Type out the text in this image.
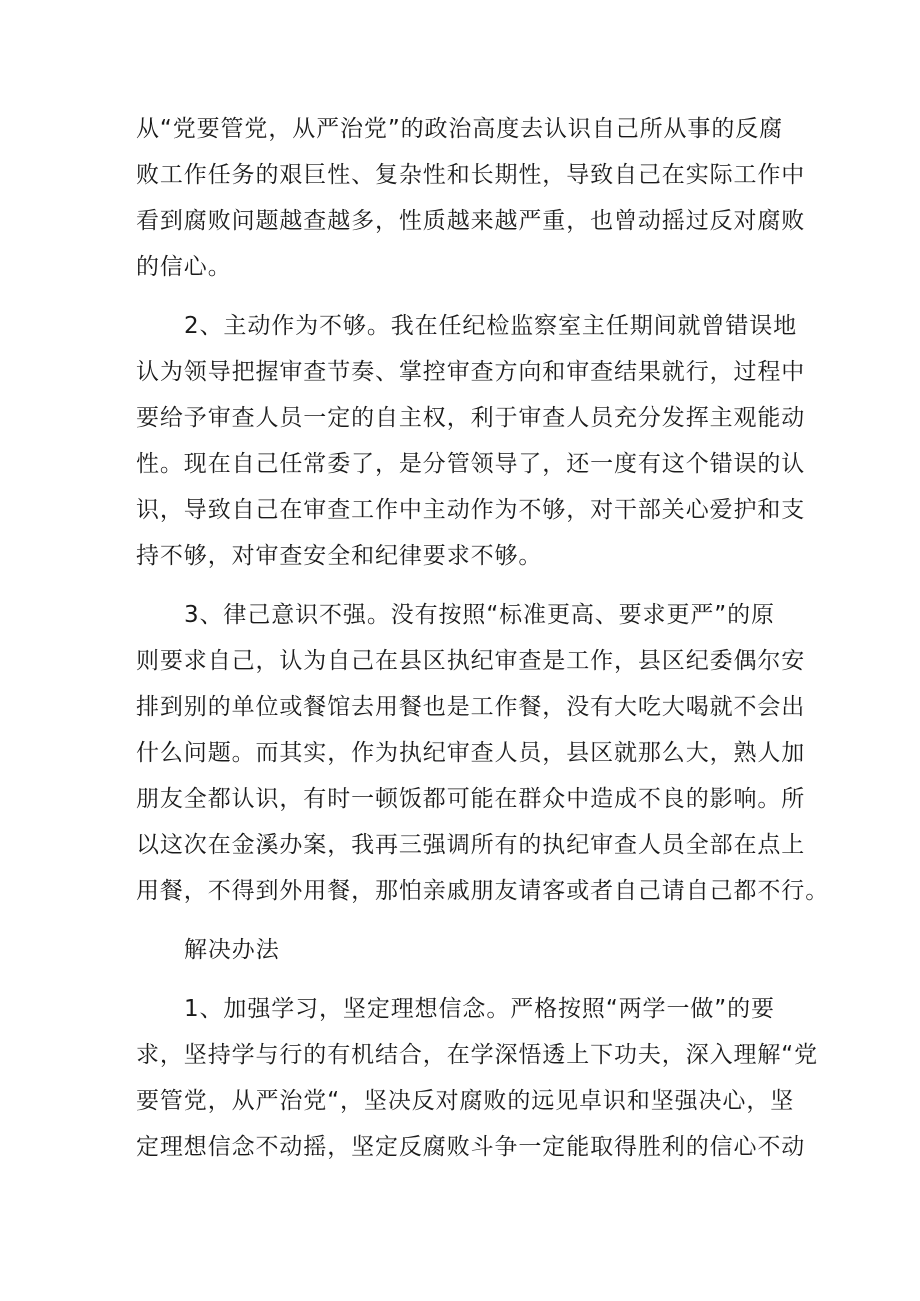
从“党要管党，从严治党”的政治高度去认识自己所从事的反腐
败工作任务的艰巨性、复杂性和长期性，导致自己在实际工作中
看到腐败问题越查越多，性质越来越严重，也曾动摇过反对腐败
的信心。
2、主动作为不够。我在任纪检监察室主任期间就曾错误地
认为领导把握审查节奏、掌控审查方向和审查结果就行，过程中
要给予审查人员一定的自主权，利于审查人员充分发挥主观能动
性。现在自己任常委了，是分管领导了，还一度有这个错误的认
识，导致自己在审查工作中主动作为不够，对干部关心爱护和支
持不够，对审查安全和纪律要求不够。
3、律己意识不强。没有按照“标准更高、要求更严”的原
则要求自己，认为自己在县区执纪审查是工作，县区纪委偶尔安
排到别的单位或餐馆去用餐也是工作餐，没有大吃大喝就不会出
什么问题。而其实，作为执纪审查人员，县区就那么大，熟人加
朋友全都认识，有时一顿饭都可能在群众中造成不良的影响。所
以这次在金溪办案，我再三强调所有的执纪审查人员全部在点上
用餐，不得到外用餐，那怕亲戚朋友请客或者自己请自己都不行。
解决办法
1、加强学习，坚定理想信念。严格按照“两学一做”的要
求，坚持学与行的有机结合，在学深悟透上下功夫，深入理解“党
要管党，从严治党“，坚决反对腐败的远见卓识和坚强决心，坚
定理想信念不动摇，坚定反腐败斗争一定能取得胜利的信心不动
